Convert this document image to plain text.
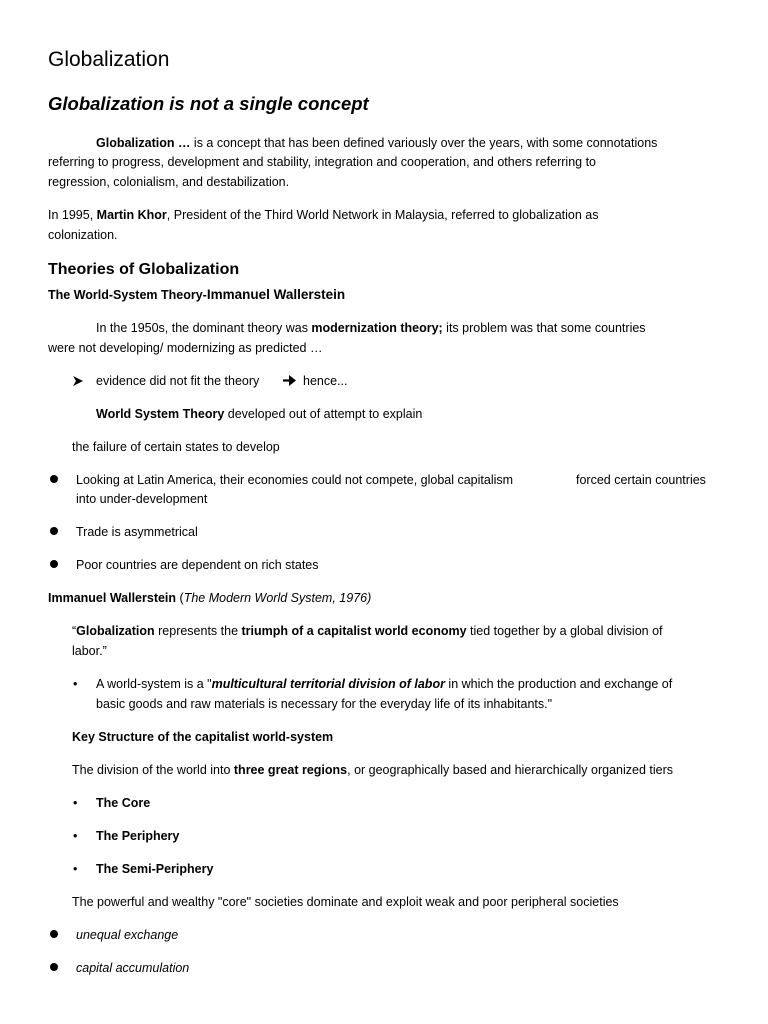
Globalization
Globalization is not a single concept
Globalization … is a concept that has been defined variously over the years, with some connotations
referring to progress, development and stability, integration and cooperation, and others referring to
regression, colonialism, and destabilization.
In 1995, Martin Khor, President of the Third World Network in Malaysia, referred to globalization as
colonization.
Theories of Globalization
The World-System Theory-Immanuel Wallerstein
In the 1950s, the dominant theory was modernization theory; its problem was that some countries
were not developing/ modernizing as predicted …
evidence did not fit the theory	hence...
World System Theory developed out of attempt to explain
the failure of certain states to develop
Looking at Latin America, their economies could not compete, global capitalism	forced certain countries
into under-development
Trade is asymmetrical
Poor countries are dependent on rich states
Immanuel Wallerstein (The Modern World System, 1976)
“Globalization represents the triumph of a capitalist world economy tied together by a global division of
labor.”
• A world-system is a "multicultural territorial division of labor in which the production and exchange of
basic goods and raw materials is necessary for the everyday life of its inhabitants."
Key Structure of the capitalist world-system
The division of the world into three great regions, or geographically based and hierarchically organized tiers
• The Core
• The Periphery
• The Semi-Periphery
The powerful and wealthy "core" societies dominate and exploit weak and poor peripheral societies
unequal exchange
capital accumulation
